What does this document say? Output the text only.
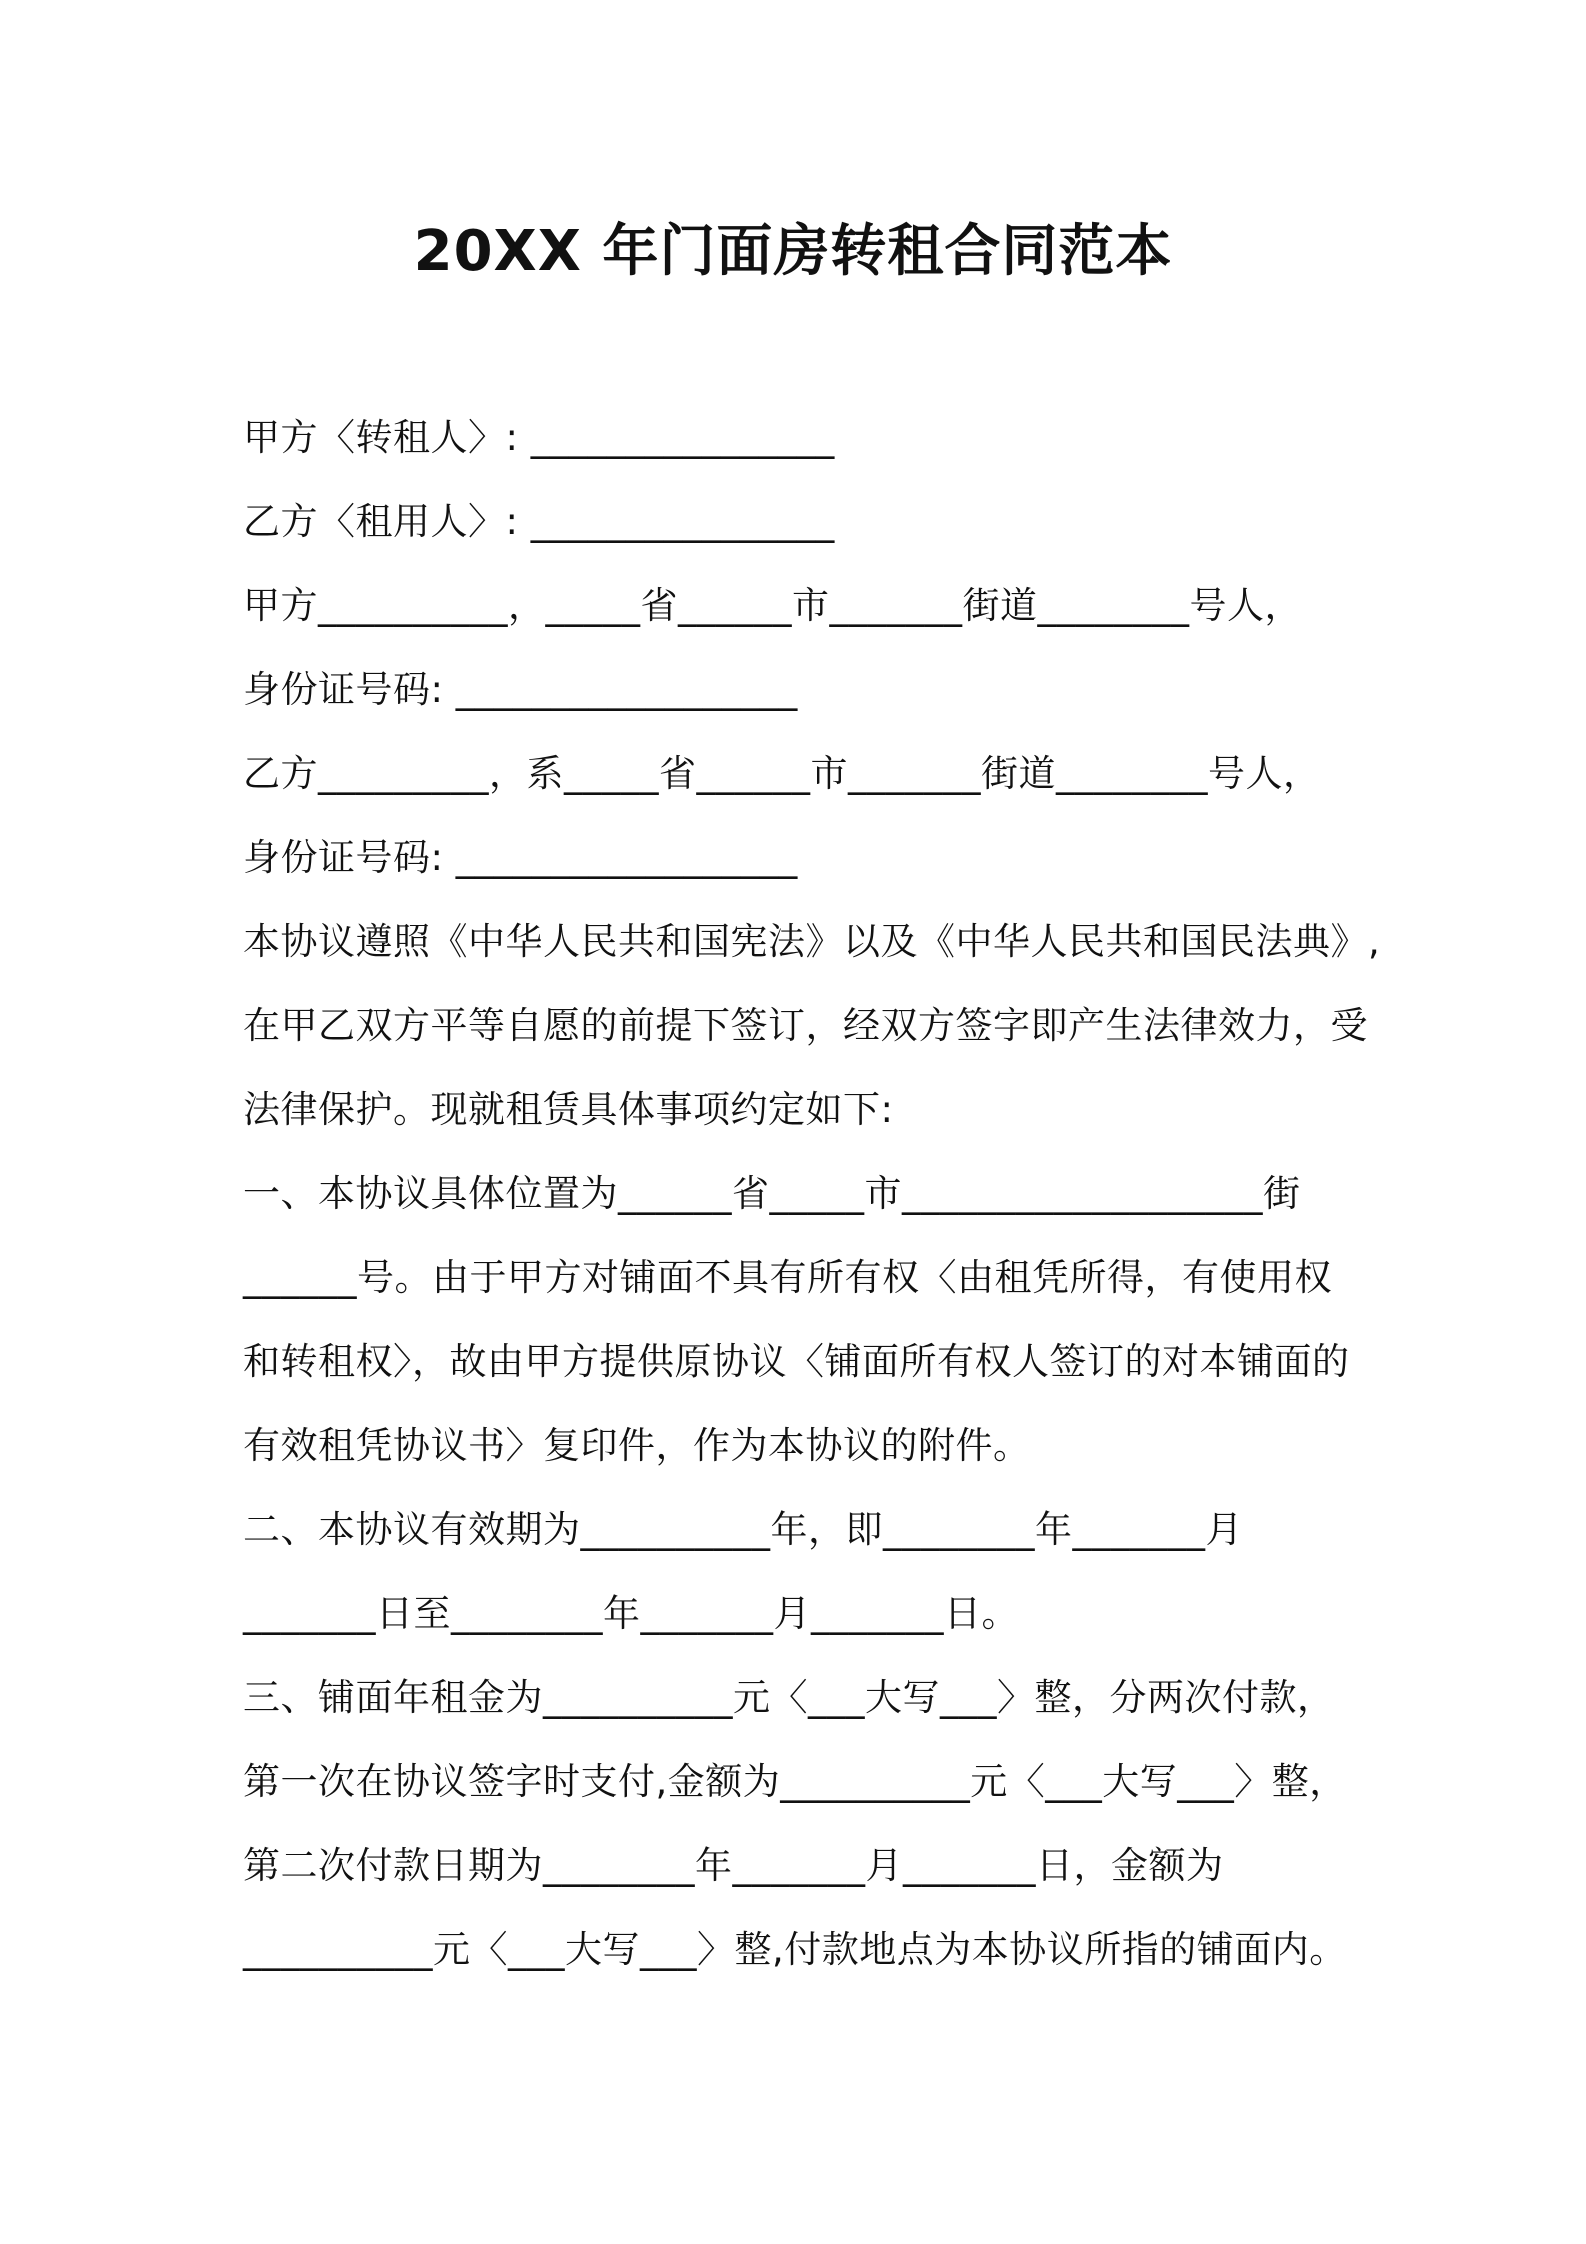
20XX 年门面房转租合同范本
甲方〈转租人〉: ________________
乙方〈租用人〉: ________________
甲方__________，_____省______市_______街道________号人，
身份证号码: __________________
乙方_________，系_____省______市_______街道________号人，
身份证号码: __________________
本协议遵照《中华人民共和国宪法》以及《中华人民共和国民法典》,
在甲乙双方平等自愿的前提下签订，经双方签字即产生法律效力，受
法律保护。现就租赁具体事项约定如下:
一、本协议具体位置为______省_____市___________________街
______号。由于甲方对铺面不具有所有权〈由租凭所得，有使用权
和转租权〉，故由甲方提供原协议〈铺面所有权人签订的对本铺面的
有效租凭协议书〉复印件，作为本协议的附件。
二、本协议有效期为__________年，即________年_______月
_______日至________年_______月_______日。
三、铺面年租金为__________元〈___大写___〉整，分两次付款，
第一次在协议签字时支付,金额为__________元〈___大写___〉整，
第二次付款日期为________年_______月_______日，金额为
__________元〈___大写___〉整,付款地点为本协议所指的铺面内。
